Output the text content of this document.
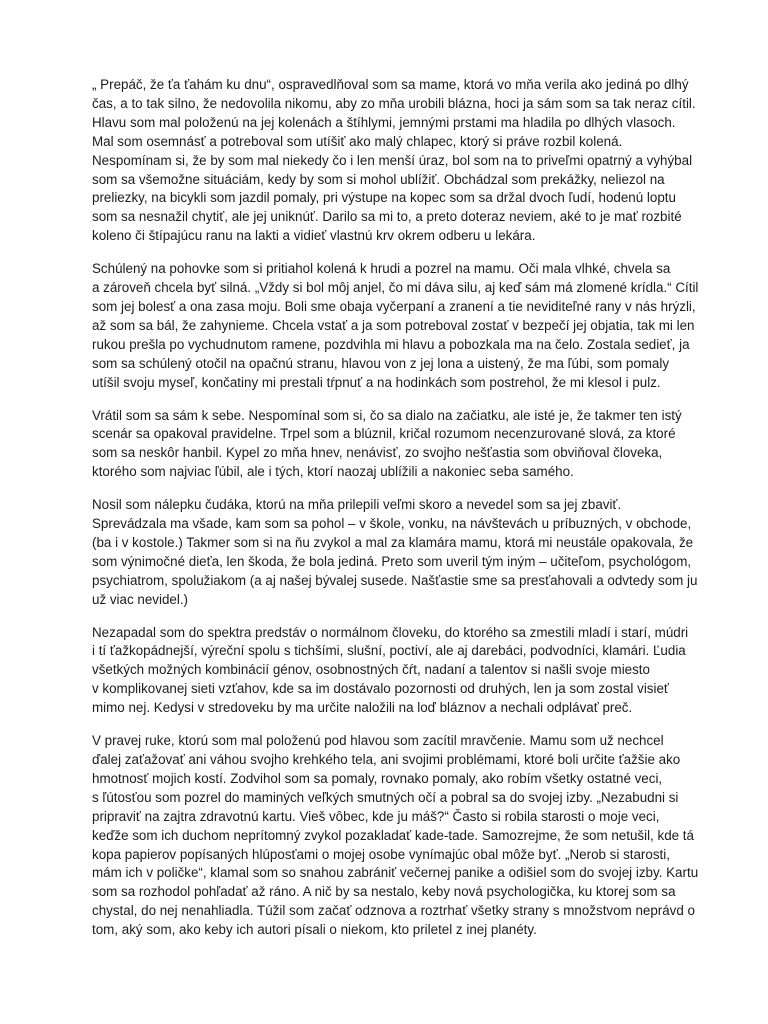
„ Prepáč, že ťa ťahám ku dnu“, ospravedlňoval som sa mame, ktorá vo mňa verila ako jediná po dlhý
čas, a to tak silno, že nedovolila nikomu, aby zo mňa urobili blázna, hoci ja sám som sa tak neraz cítil.
Hlavu som mal položenú na jej kolenách a štíhlymi, jemnými prstami ma hladila po dlhých vlasoch.
Mal som osemnásť a potreboval som utíšiť ako malý chlapec, ktorý si práve rozbil kolená.
Nespomínam si, že by som mal niekedy čo i len menší úraz, bol som na to priveľmi opatrný a vyhýbal
som sa všemožne situáciám, kedy by som si mohol ublížiť. Obchádzal som prekážky, neliezol na
preliezky, na bicykli som jazdil pomaly, pri výstupe na kopec som sa držal dvoch ľudí, hodenú loptu
som sa nesnažil chytiť, ale jej uniknúť. Darilo sa mi to, a preto doteraz neviem, aké to je mať rozbité
koleno či štípajúcu ranu na lakti a vidieť vlastnú krv okrem odberu u lekára.
Schúlený na pohovke som si pritiahol kolená k hrudi a pozrel na mamu. Oči mala vlhké, chvela sa
a zároveň chcela byť silná. „Vždy si bol môj anjel, čo mi dáva silu, aj keď sám má zlomené krídla.“ Cítil
som jej bolesť a ona zasa moju. Boli sme obaja vyčerpaní a zranení a tie neviditeľné rany v nás hrýzli,
až som sa bál, že zahynieme. Chcela vstať a ja som potreboval zostať v bezpečí jej objatia, tak mi len
rukou prešla po vychudnutom ramene, pozdvihla mi hlavu a pobozkala ma na čelo. Zostala sedieť, ja
som sa schúlený otočil na opačnú stranu, hlavou von z jej lona a uistený, že ma ľúbi, som pomaly
utíšil svoju myseľ, končatiny mi prestali tŕpnuť a na hodinkách som postrehol, že mi klesol i pulz.
Vrátil som sa sám k sebe. Nespomínal som si, čo sa dialo na začiatku, ale isté je, že takmer ten istý
scenár sa opakoval pravidelne. Trpel som a blúznil, kričal rozumom necenzurované slová, za ktoré
som sa neskôr hanbil. Kypel zo mňa hnev, nenávisť, zo svojho nešťastia som obviňoval človeka,
ktorého som najviac ľúbil, ale i tých, ktorí naozaj ublížili a nakoniec seba samého.
Nosil som nálepku čudáka, ktorú na mňa prilepili veľmi skoro a nevedel som sa jej zbaviť.
Sprevádzala ma všade, kam som sa pohol – v škole, vonku, na návštevách u príbuzných, v obchode,
(ba i v kostole.) Takmer som si na ňu zvykol a mal za klamára mamu, ktorá mi neustále opakovala, že
som výnimočné dieťa, len škoda, že bola jediná. Preto som uveril tým iným – učiteľom, psychológom,
psychiatrom, spolužiakom (a aj našej bývalej susede. Našťastie sme sa presťahovali a odvtedy som ju
už viac nevidel.)
Nezapadal som do spektra predstáv o normálnom človeku, do ktorého sa zmestili mladí i starí, múdri
i tí ťažkopádnejší, výreční spolu s tichšími, slušní, poctiví, ale aj darebáci, podvodníci, klamári. Ľudia
všetkých možných kombinácií génov, osobnostných čŕt, nadaní a talentov si našli svoje miesto
v komplikovanej sieti vzťahov, kde sa im dostávalo pozornosti od druhých, len ja som zostal visieť
mimo nej. Kedysi v stredoveku by ma určite naložili na loď bláznov a nechali odplávať preč.
V pravej ruke, ktorú som mal položenú pod hlavou som zacítil mravčenie. Mamu som už nechcel
ďalej zaťažovať ani váhou svojho krehkého tela, ani svojimi problémami, ktoré boli určite ťažšie ako
hmotnosť mojich kostí. Zodvihol som sa pomaly, rovnako pomaly, ako robím všetky ostatné veci,
s ľútosťou som pozrel do maminých veľkých smutných očí a pobral sa do svojej izby. „Nezabudni si
pripraviť na zajtra zdravotnú kartu. Vieš vôbec, kde ju máš?“ Často si robila starosti o moje veci,
keďže som ich duchom neprítomný zvykol pozakladať kade-tade. Samozrejme, že som netušil, kde tá
kopa papierov popísaných hlúposťami o mojej osobe vynímajúc obal môže byť. „Nerob si starosti,
mám ich v poličke“, klamal som so snahou zabrániť večernej panike a odišiel som do svojej izby. Kartu
som sa rozhodol pohľadať až ráno. A nič by sa nestalo, keby nová psychologička, ku ktorej som sa
chystal, do nej nenahliadla. Túžil som začať odznova a roztrhať všetky strany s množstvom neprávd o
tom, aký som, ako keby ich autori písali o niekom, kto priletel z inej planéty.
